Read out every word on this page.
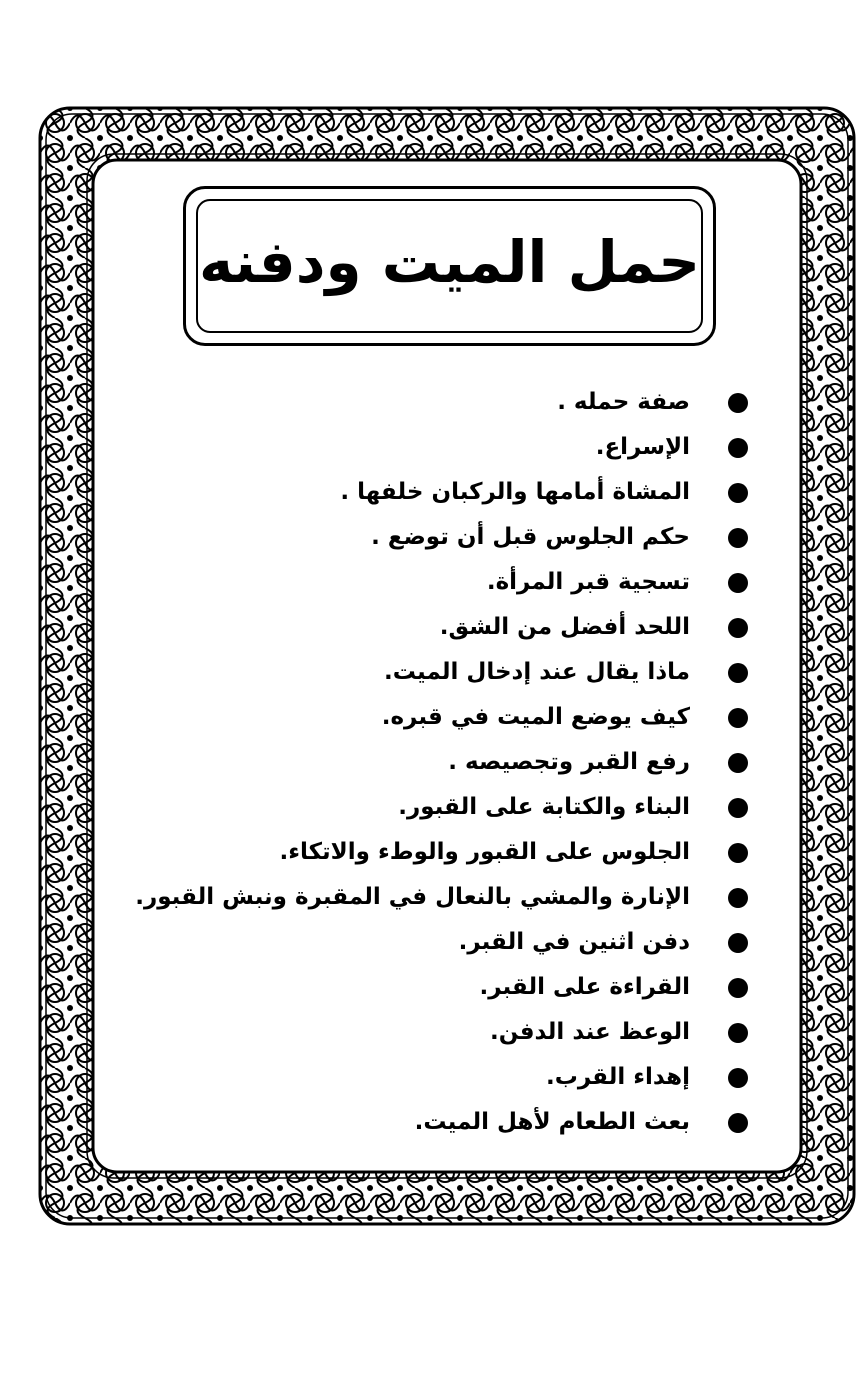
حمل الميت ودفنه
صفة حمله .
الإسراع.
المشاة أمامها والركبان خلفها .
حكم الجلوس قبل أن توضع .
تسجية قبر المرأة.
اللحد أفضل من الشق.
ماذا يقال عند إدخال الميت.
كيف يوضع الميت في قبره.
رفع القبر وتجصيصه .
البناء والكتابة على القبور.
الجلوس على القبور والوطء والاتكاء.
الإنارة والمشي بالنعال في المقبرة ونبش القبور.
دفن اثنين في القبر.
القراءة على القبر.
الوعظ عند الدفن.
إهداء القرب.
بعث الطعام لأهل الميت.
